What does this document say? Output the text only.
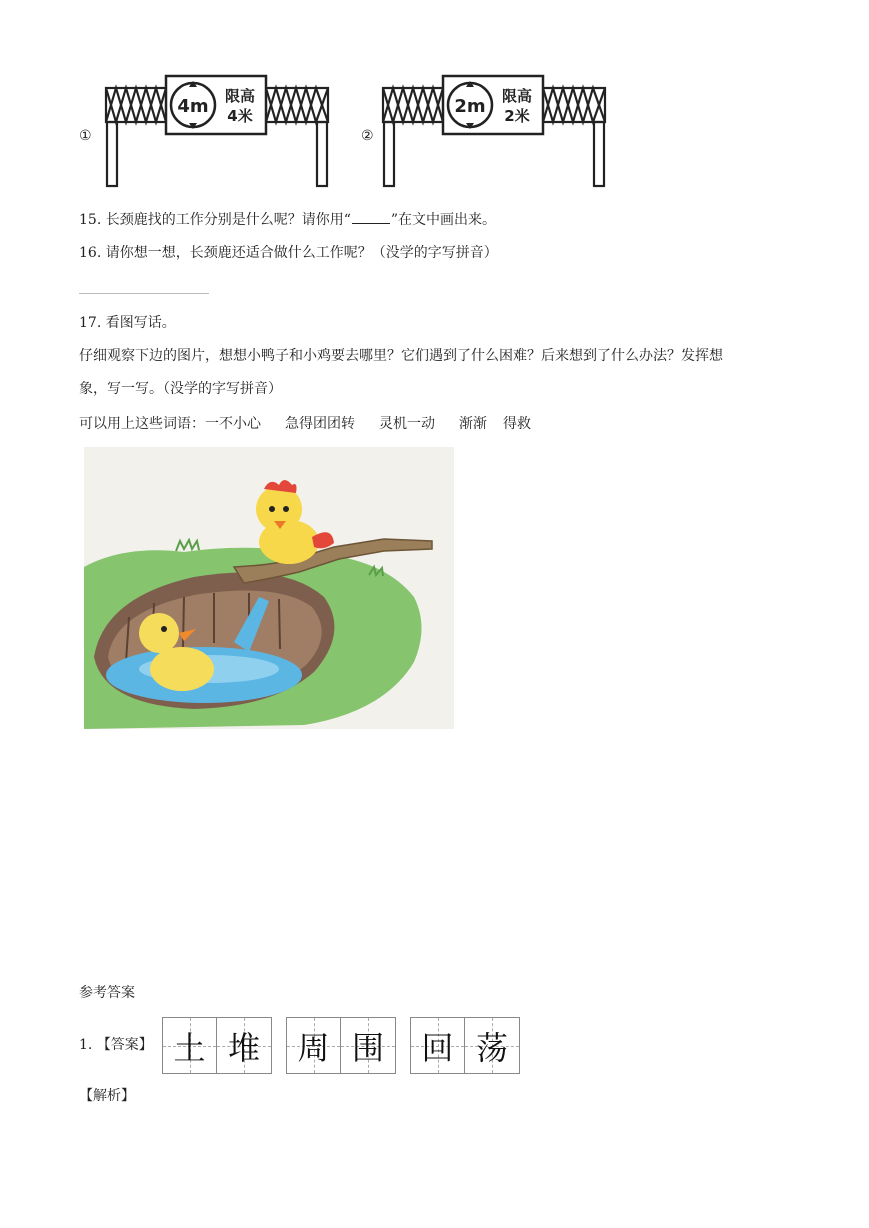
①
4m 限高
4米
②
2m 限高
2米
15. 长颈鹿找的工作分别是什么呢？请你用“	”在文中画出来。
16. 请你想一想，长颈鹿还适合做什么工作呢？（没学的字写拼音）
17. 看图写话。
仔细观察下边的图片，想想小鸭子和小鸡要去哪里？它们遇到了什么困难？后来想到了什么办法？发挥想
象，写一写。（没学的字写拼音）
可以用上这些词语：一不小心 急得团团转 灵机一动 渐渐 得救
参考答案
1. 【答案】 土 堆 周 围 回 荡
【解析】
